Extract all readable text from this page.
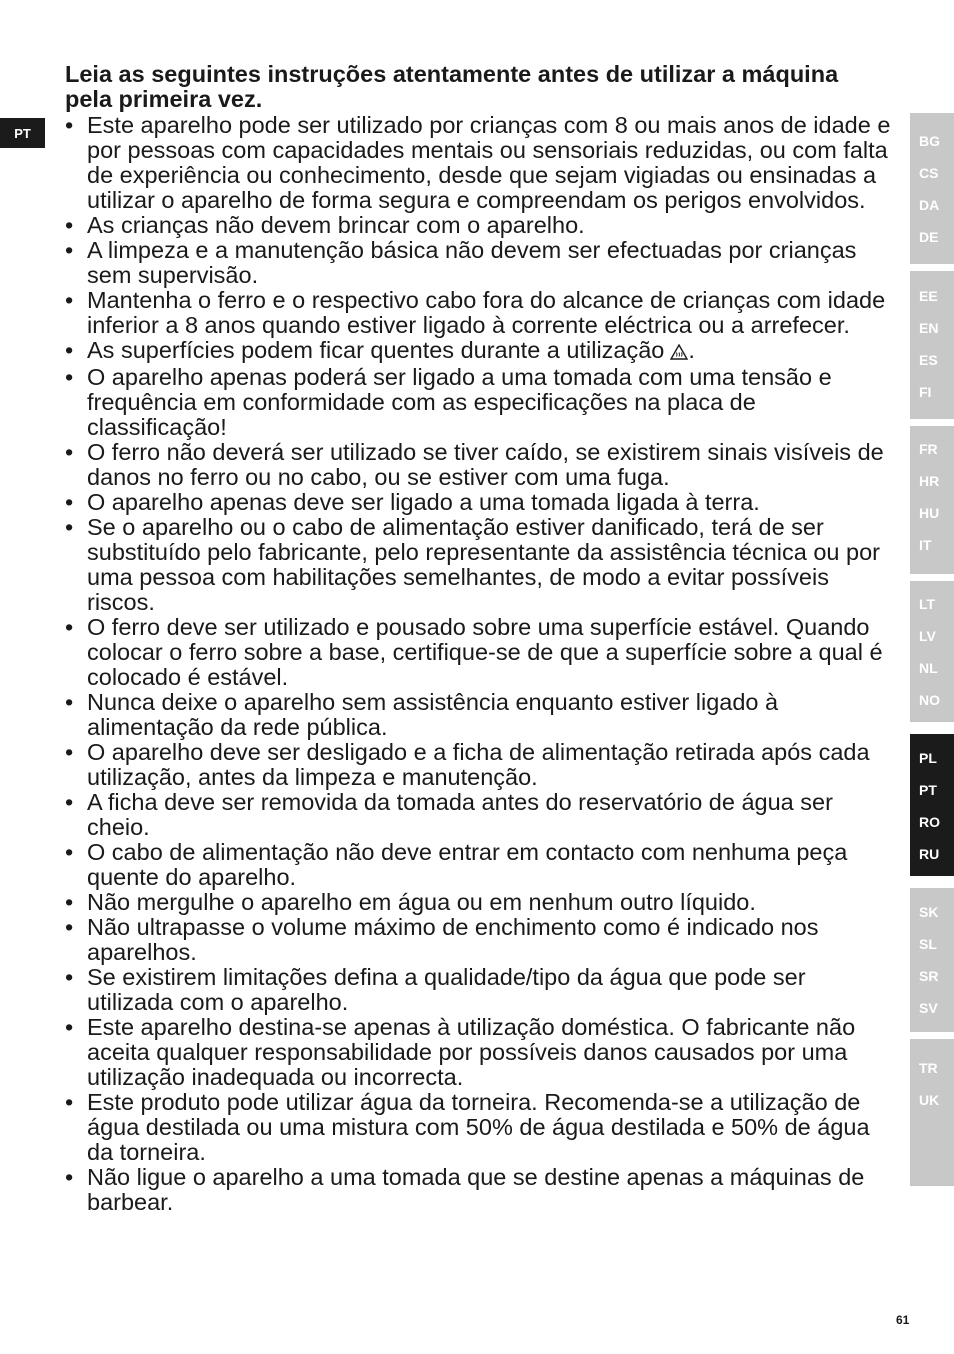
PT
Leia as seguintes instruções atentamente antes de utilizar a máquina pela primeira vez.
• Este aparelho pode ser utilizado por crianças com 8 ou mais anos de idade e por pessoas com capacidades mentais ou sensoriais reduzidas, ou com falta de experiência ou conhecimento, desde que sejam vigiadas ou ensinadas a utilizar o aparelho de forma segura e compreendam os perigos envolvidos.
• As crianças não devem brincar com o aparelho.
• A limpeza e a manutenção básica não devem ser efectuadas por crianças sem supervisão.
• Mantenha o ferro e o respectivo cabo fora do alcance de crianças com idade inferior a 8 anos quando estiver ligado à corrente eléctrica ou a arrefecer.
• As superfícies podem ficar quentes durante a utilização .
• O aparelho apenas poderá ser ligado a uma tomada com uma tensão e frequência em conformidade com as especificações na placa de classificação!
• O ferro não deverá ser utilizado se tiver caído, se existirem sinais visíveis de danos no ferro ou no cabo, ou se estiver com uma fuga.
• O aparelho apenas deve ser ligado a uma tomada ligada à terra.
• Se o aparelho ou o cabo de alimentação estiver danificado, terá de ser substituído pelo fabricante, pelo representante da assistência técnica ou por uma pessoa com habilitações semelhantes, de modo a evitar possíveis riscos.
• O ferro deve ser utilizado e pousado sobre uma superfície estável. Quando colocar o ferro sobre a base, certifique-se de que a superfície sobre a qual é colocado é estável.
• Nunca deixe o aparelho sem assistência enquanto estiver ligado à alimentação da rede pública.
• O aparelho deve ser desligado e a ficha de alimentação retirada após cada utilização, antes da limpeza e manutenção.
• A ficha deve ser removida da tomada antes do reservatório de água ser cheio.
• O cabo de alimentação não deve entrar em contacto com nenhuma peça quente do aparelho.
• Não mergulhe o aparelho em água ou em nenhum outro líquido.
• Não ultrapasse o volume máximo de enchimento como é indicado nos aparelhos.
• Se existirem limitações defina a qualidade/tipo da água que pode ser utilizada com o aparelho.
• Este aparelho destina-se apenas à utilização doméstica. O fabricante não aceita qualquer responsabilidade por possíveis danos causados por uma utilização inadequada ou incorrecta.
• Este produto pode utilizar água da torneira. Recomenda-se a utilização de água destilada ou uma mistura com 50% de água destilada e 50% de água da torneira.
• Não ligue o aparelho a uma tomada que se destine apenas a máquinas de barbear.
BG
CS
DA
DE
EE
EN
ES
FI
FR
HR
HU
IT
LT
LV
NL
NO
PL
PT
RO
RU
SK
SL
SR
SV
TR
UK
61
